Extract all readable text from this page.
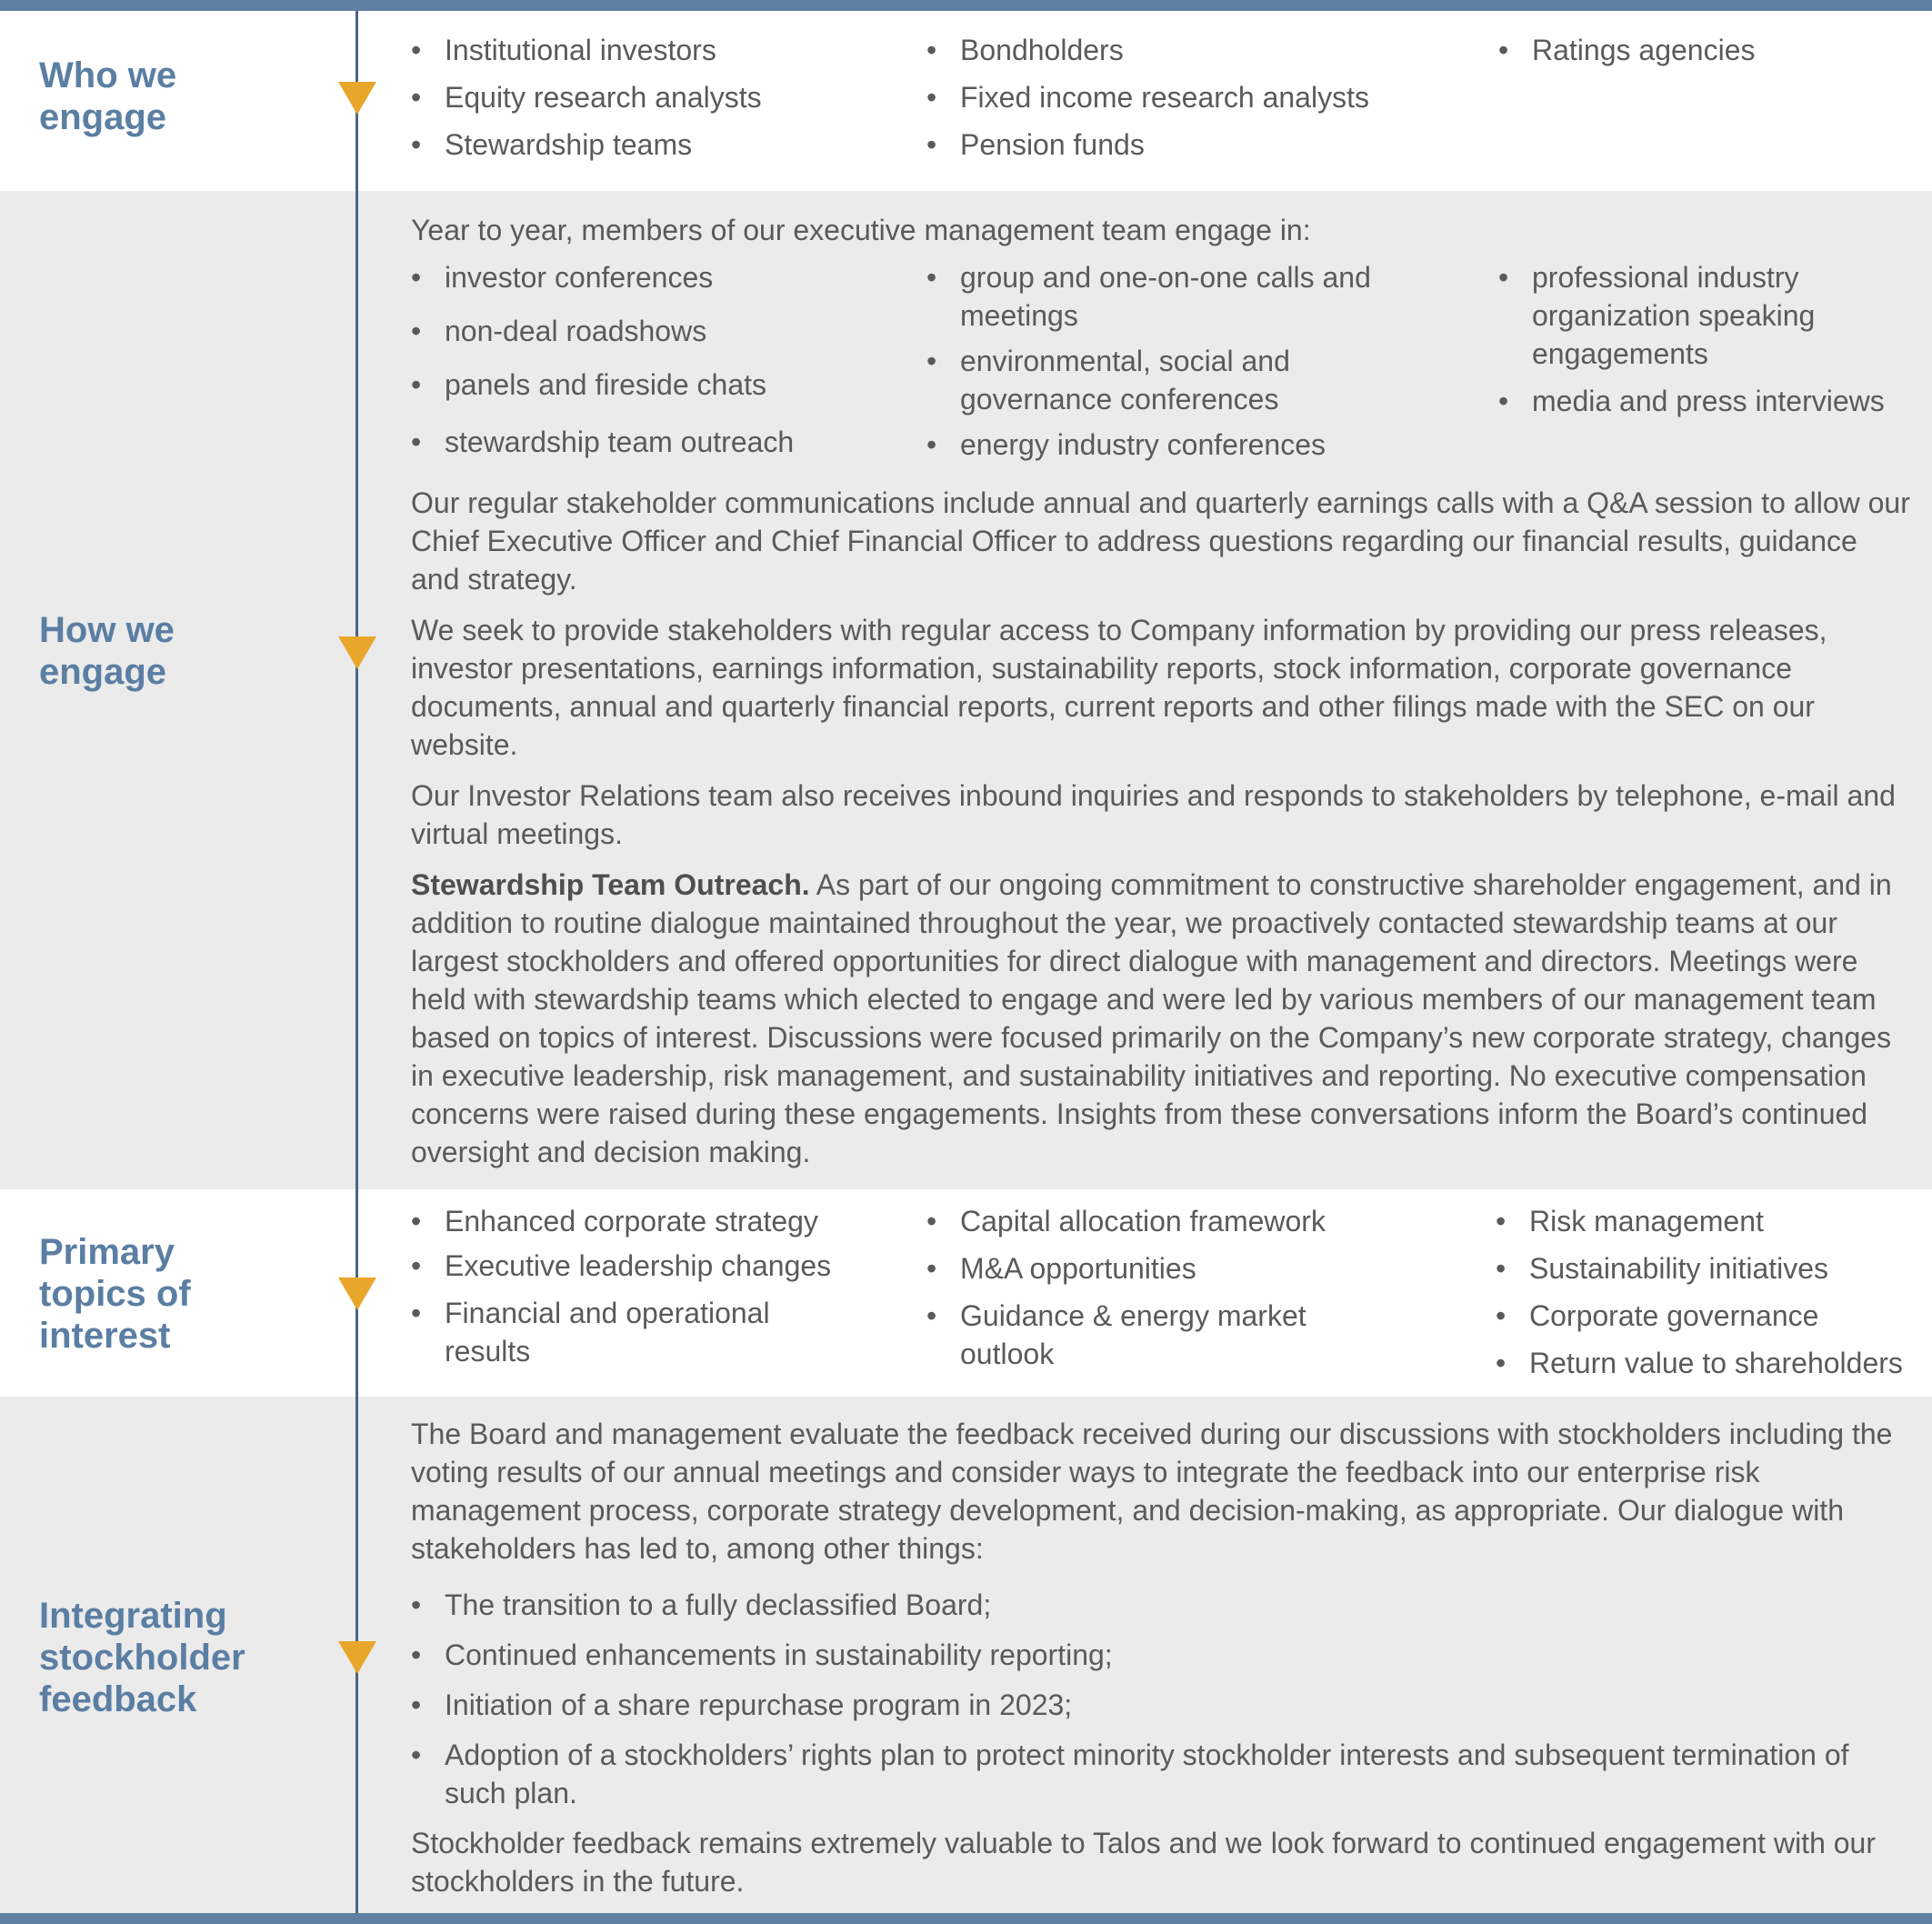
Who we engage

• Institutional investors

• Equity research analysts

• Stewardship teams

• Bondholders

• Fixed income research analysts

• Pension funds

• Ratings agencies

How we engage

Year to year, members of our executive management team engage in:

• investor conferences

• non-deal roadshows

• panels and fireside chats

• stewardship team outreach

• group and one-on-one calls and meetings

• environmental, social and governance conferences

• energy industry conferences

• professional industry organization speaking engagements

• media and press interviews

Our regular stakeholder communications include annual and quarterly earnings calls with a Q&A session to allow our Chief Executive Officer and Chief Financial Officer to address questions regarding our financial results, guidance and strategy.

We seek to provide stakeholders with regular access to Company information by providing our press releases, investor presentations, earnings information, sustainability reports, stock information, corporate governance documents, annual and quarterly financial reports, current reports and other filings made with the SEC on our website.

Our Investor Relations team also receives inbound inquiries and responds to stakeholders by telephone, e-mail and virtual meetings.

Stewardship Team Outreach. As part of our ongoing commitment to constructive shareholder engagement, and in addition to routine dialogue maintained throughout the year, we proactively contacted stewardship teams at our largest stockholders and offered opportunities for direct dialogue with management and directors. Meetings were held with stewardship teams which elected to engage and were led by various members of our management team based on topics of interest. Discussions were focused primarily on the Company’s new corporate strategy, changes in executive leadership, risk management, and sustainability initiatives and reporting. No executive compensation concerns were raised during these engagements. Insights from these conversations inform the Board’s continued oversight and decision making.

Primary topics of interest

• Enhanced corporate strategy

• Executive leadership changes

• Financial and operational results

• Capital allocation framework

• M&A opportunities

• Guidance & energy market outlook

• Risk management

• Sustainability initiatives

• Corporate governance

• Return value to shareholders

Integrating stockholder feedback

The Board and management evaluate the feedback received during our discussions with stockholders including the voting results of our annual meetings and consider ways to integrate the feedback into our enterprise risk management process, corporate strategy development, and decision-making, as appropriate. Our dialogue with stakeholders has led to, among other things:

• The transition to a fully declassified Board;

• Continued enhancements in sustainability reporting;

• Initiation of a share repurchase program in 2023;

• Adoption of a stockholders’ rights plan to protect minority stockholder interests and subsequent termination of such plan.

Stockholder feedback remains extremely valuable to Talos and we look forward to continued engagement with our stockholders in the future.
